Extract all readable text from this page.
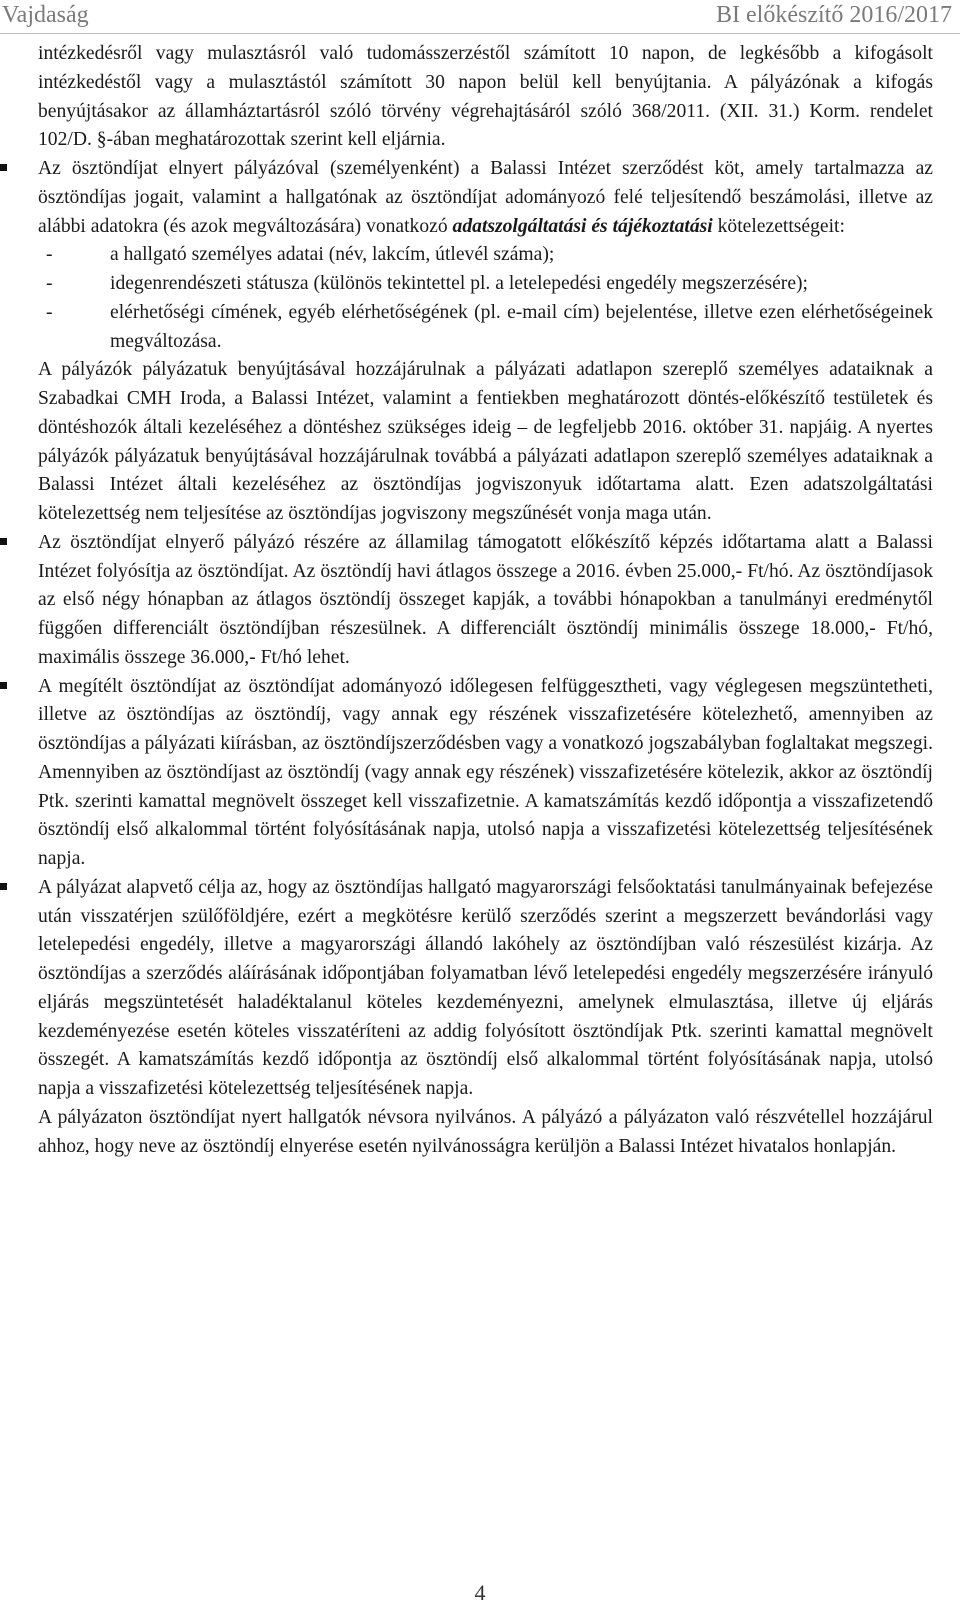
Vajdaság	BI előkészítő 2016/2017

intézkedésről vagy mulasztásról való tudomásszerzéstől számított 10 napon, de legkésőbb a kifogásolt intézkedéstől vagy a mulasztástól számított 30 napon belül kell benyújtania. A pályázónak a kifogás benyújtásakor az államháztartásról szóló törvény végrehajtásáról szóló 368/2011. (XII. 31.) Korm. rendelet 102/D. §-ában meghatározottak szerint kell eljárnia.

Az ösztöndíjat elnyert pályázóval (személyenként) a Balassi Intézet szerződést köt, amely tartalmazza az ösztöndíjas jogait, valamint a hallgatónak az ösztöndíjat adományozó felé teljesítendő beszámolási, illetve az alábbi adatokra (és azok megváltozására) vonatkozó adatszolgáltatási és tájékoztatási kötelezettségeit:

-	a hallgató személyes adatai (név, lakcím, útlevél száma);
-	idegenrendészeti státusza (különös tekintettel pl. a letelepedési engedély megszerzésére);
-	elérhetőségi címének, egyéb elérhetőségének (pl. e-mail cím) bejelentése, illetve ezen elérhetőségeinek megváltozása.

A pályázók pályázatuk benyújtásával hozzájárulnak a pályázati adatlapon szereplő személyes adataiknak a Szabadkai CMH Iroda, a Balassi Intézet, valamint a fentiekben meghatározott döntés-előkészítő testületek és döntéshozók általi kezeléséhez a döntéshez szükséges ideig – de legfeljebb 2016. október 31. napjáig. A nyertes pályázók pályázatuk benyújtásával hozzájárulnak továbbá a pályázati adatlapon szereplő személyes adataiknak a Balassi Intézet általi kezeléséhez az ösztöndíjas jogviszonyuk időtartama alatt. Ezen adatszolgáltatási kötelezettség nem teljesítése az ösztöndíjas jogviszony megszűnését vonja maga után.

Az ösztöndíjat elnyerő pályázó részére az államilag támogatott előkészítő képzés időtartama alatt a Balassi Intézet folyósítja az ösztöndíjat. Az ösztöndíj havi átlagos összege a 2016. évben 25.000,- Ft/hó. Az ösztöndíjasok az első négy hónapban az átlagos ösztöndíj összeget kapják, a további hónapokban a tanulmányi eredménytől függően differenciált ösztöndíjban részesülnek. A differenciált ösztöndíj minimális összege 18.000,- Ft/hó, maximális összege 36.000,- Ft/hó lehet.

A megítélt ösztöndíjat az ösztöndíjat adományozó időlegesen felfüggesztheti, vagy véglegesen megszüntetheti, illetve az ösztöndíjas az ösztöndíj, vagy annak egy részének visszafizetésére kötelezhető, amennyiben az ösztöndíjas a pályázati kiírásban, az ösztöndíjszerződésben vagy a vonatkozó jogszabályban foglaltakat megszegi. Amennyiben az ösztöndíjast az ösztöndíj (vagy annak egy részének) visszafizetésére kötelezik, akkor az ösztöndíj Ptk. szerinti kamattal megnövelt összeget kell visszafizetnie. A kamatszámítás kezdő időpontja a visszafizetendő ösztöndíj első alkalommal történt folyósításának napja, utolsó napja a visszafizetési kötelezettség teljesítésének napja.

A pályázat alapvető célja az, hogy az ösztöndíjas hallgató magyarországi felsőoktatási tanulmányainak befejezése után visszatérjen szülőföldjére, ezért a megkötésre kerülő szerződés szerint a megszerzett bevándorlási vagy letelepedési engedély, illetve a magyarországi állandó lakóhely az ösztöndíjban való részesülést kizárja. Az ösztöndíjas a szerződés aláírásának időpontjában folyamatban lévő letelepedési engedély megszerzésére irányuló eljárás megszüntetését haladéktalanul köteles kezdeményezni, amelynek elmulasztása, illetve új eljárás kezdeményezése esetén köteles visszatéríteni az addig folyósított ösztöndíjak Ptk. szerinti kamattal megnövelt összegét. A kamatszámítás kezdő időpontja az ösztöndíj első alkalommal történt folyósításának napja, utolsó napja a visszafizetési kötelezettség teljesítésének napja.

A pályázaton ösztöndíjat nyert hallgatók névsora nyilvános. A pályázó a pályázaton való részvétellel hozzájárul ahhoz, hogy neve az ösztöndíj elnyerése esetén nyilvánosságra kerüljön a Balassi Intézet hivatalos honlapján.

4
